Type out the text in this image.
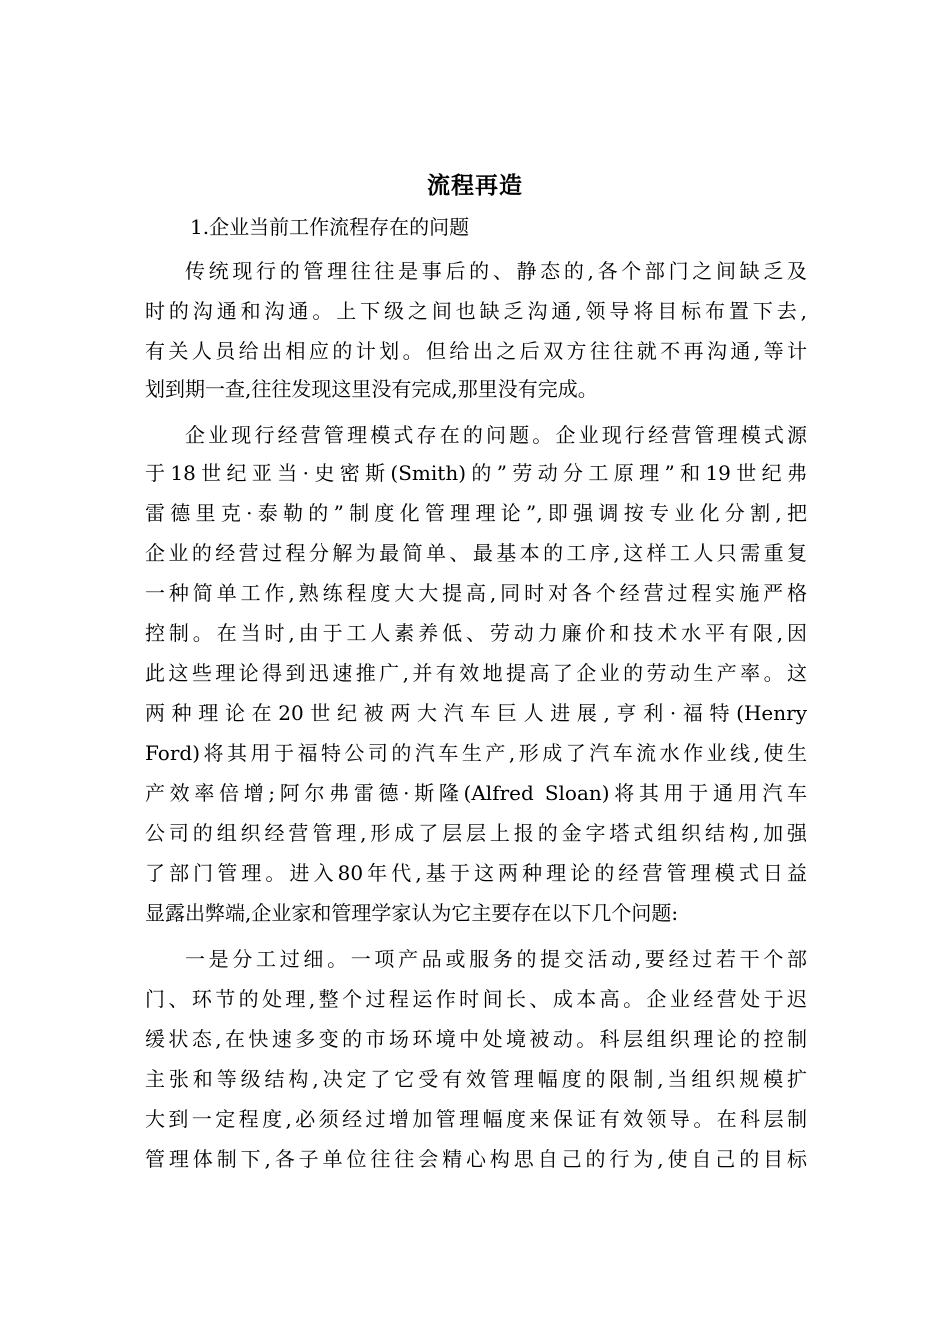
流程再造
1.企业当前工作流程存在的问题
传统现行的管理往往是事后的、静态的,各个部门之间缺乏及
时的沟通和沟通。上下级之间也缺乏沟通,领导将目标布置下去,
有关人员给出相应的计划。但给出之后双方往往就不再沟通,等计
划到期一查,往往发现这里没有完成,那里没有完成。
企业现行经营管理模式存在的问题。企业现行经营管理模式源
于18世纪亚当·史密斯(Smith)的”劳动分工原理”和19世纪弗
雷德里克·泰勒的”制度化管理理论”,即强调按专业化分割,把
企业的经营过程分解为最简单、最基本的工序,这样工人只需重复
一种简单工作,熟练程度大大提高,同时对各个经营过程实施严格
控制。在当时,由于工人素养低、劳动力廉价和技术水平有限,因
此这些理论得到迅速推广,并有效地提高了企业的劳动生产率。这
两种理论在20世纪被两大汽车巨人进展,亨利·福特(Henry
Ford)将其用于福特公司的汽车生产,形成了汽车流水作业线,使生
产效率倍增;阿尔弗雷德·斯隆(Alfred Sloan)将其用于通用汽车
公司的组织经营管理,形成了层层上报的金字塔式组织结构,加强
了部门管理。进入80年代,基于这两种理论的经营管理模式日益
显露出弊端,企业家和管理学家认为它主要存在以下几个问题:
一是分工过细。一项产品或服务的提交活动,要经过若干个部
门、环节的处理,整个过程运作时间长、成本高。企业经营处于迟
缓状态,在快速多变的市场环境中处境被动。科层组织理论的控制
主张和等级结构,决定了它受有效管理幅度的限制,当组织规模扩
大到一定程度,必须经过增加管理幅度来保证有效领导。在科层制
管理体制下,各子单位往往会精心构思自己的行为,使自己的目标
